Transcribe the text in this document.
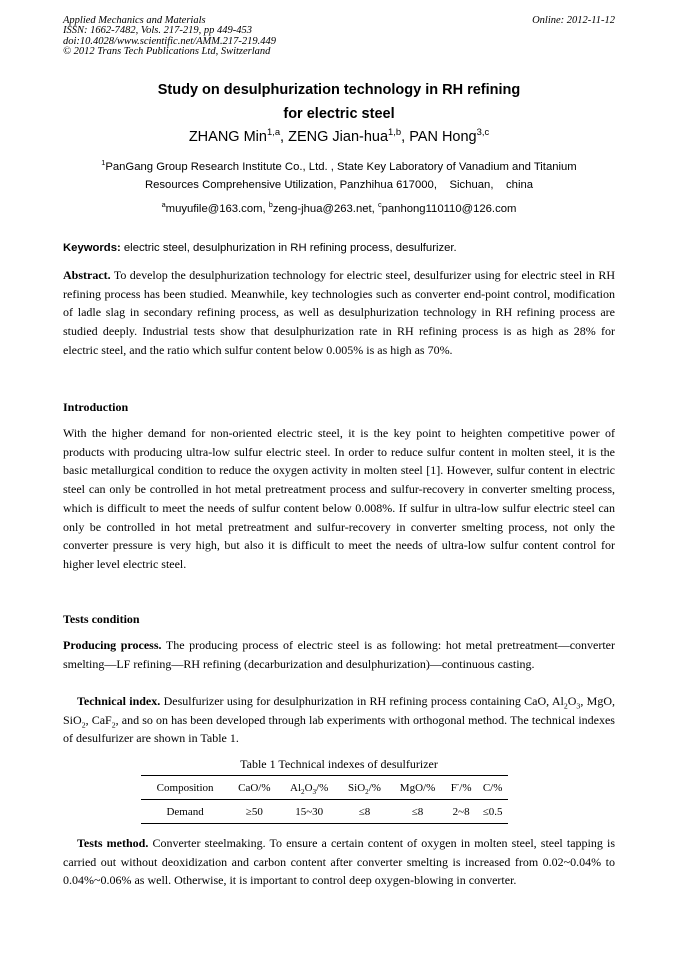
Applied Mechanics and Materials
ISSN: 1662-7482, Vols. 217-219, pp 449-453
doi:10.4028/www.scientific.net/AMM.217-219.449
© 2012 Trans Tech Publications Ltd, Switzerland
Online: 2012-11-12
Study on desulphurization technology in RH refining
for electric steel
ZHANG Min$^{1,a}$, ZENG Jian-hua$^{1,b}$, PAN Hong$^{3,c}$
$^1$PanGang Group Research Institute Co., Ltd. , State Key Laboratory of Vanadium and Titanium
Resources Comprehensive Utilization, Panzhihua 617000,    Sichuan,    china
$^a$muyufile@163.com, $^b$zeng-jhua@263.net, $^c$panhong110110@126.com
Keywords: electric steel, desulphurization in RH refining process, desulfurizer.

Abstract. To develop the desulphurization technology for electric steel, desulfurizer using for electric steel in RH refining process has been studied. Meanwhile, key technologies such as converter end-point control, modification of ladle slag in secondary refining process, as well as desulphurization technology in RH refining process are studied deeply. Industrial tests show that desulphurization rate in RH refining process is as high as 28% for electric steel, and the ratio which sulfur content below 0.005% is as high as 70%.

Introduction

With the higher demand for non-oriented electric steel, it is the key point to heighten competitive power of products with producing ultra-low sulfur electric steel. In order to reduce sulfur content in molten steel, it is the basic metallurgical condition to reduce the oxygen activity in molten steel [1]. However, sulfur content in electric steel can only be controlled in hot metal pretreatment process and sulfur-recovery in converter smelting process, which is difficult to meet the needs of sulfur content below 0.008%. If sulfur in ultra-low sulfur electric steel can only be controlled in hot metal pretreatment and sulfur-recovery in converter smelting process, not only the converter pressure is very high, but also it is difficult to meet the needs of ultra-low sulfur content control for higher level electric steel.

Tests condition

Producing process. The producing process of electric steel is as following: hot metal pretreatment—converter smelting—LF refining—RH refining (decarburization and desulphurization)—continuous casting.

Technical index. Desulfurizer using for desulphurization in RH refining process containing CaO, $Al_2O_3$, MgO, SiO$_2$, CaF$_2$, and so on has been developed through lab experiments with orthogonal method. The technical indexes of desulfurizer are shown in Table 1.

Table 1 Technical indexes of desulfurizer
Composition	CaO/%	$Al_2O_3/\%$	SiO$_2$/%	MgO/%	F-/%	C/%
Demand	≥50	15~30	≤8	≤8	2~8	≤0.5

Tests method. Converter steelmaking. To ensure a certain content of oxygen in molten steel, steel tapping is carried out without deoxidization and carbon content after converter smelting is increased from 0.02~0.04% to 0.04%~0.06% as well. Otherwise, it is important to control deep oxygen-blowing in converter.
